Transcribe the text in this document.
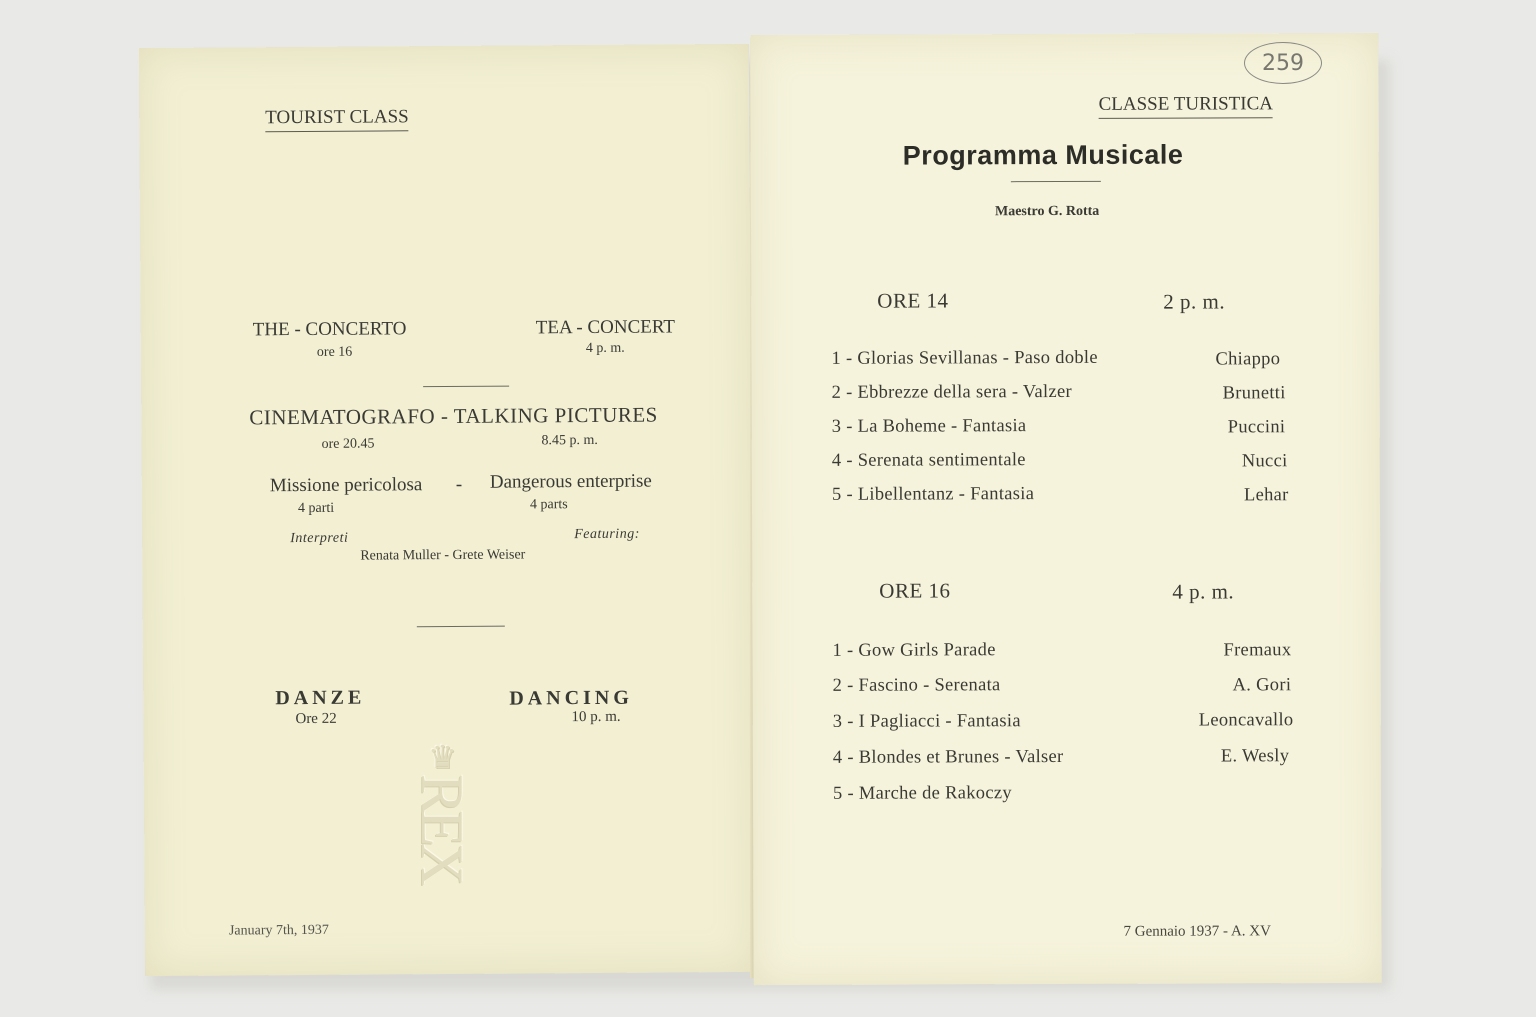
TOURIST CLASS
THE - CONCERTO
ore 16
TEA - CONCERT
4 p. m.
CINEMATOGRAFO - TALKING PICTURES
ore 20.45	8.45 p. m.
Missione pericolosa - Dangerous enterprise
4 parti	4 parts
Interpreti	Featuring:
Renata Muller - Grete Weiser
DANZE
Ore 22
DANCING
10 p. m.
January 7th, 1937
♛
REX
CLASSE TURISTICA
Programma Musicale
Maestro G. Rotta
ORE 14	2 p. m.
1 - Glorias Sevillanas - Paso doble	Chiappo
2 - Ebbrezze della sera - Valzer	Brunetti
3 - La Boheme - Fantasia	Puccini
4 - Serenata sentimentale	Nucci
5 - Libellentanz - Fantasia	Lehar
ORE 16	4 p. m.
1 - Gow Girls Parade	Fremaux
2 - Fascino - Serenata	A. Gori
3 - I Pagliacci - Fantasia	Leoncavallo
4 - Blondes et Brunes - Valser	E. Wesly
5 - Marche de Rakoczy
7 Gennaio 1937 - A. XV
259
